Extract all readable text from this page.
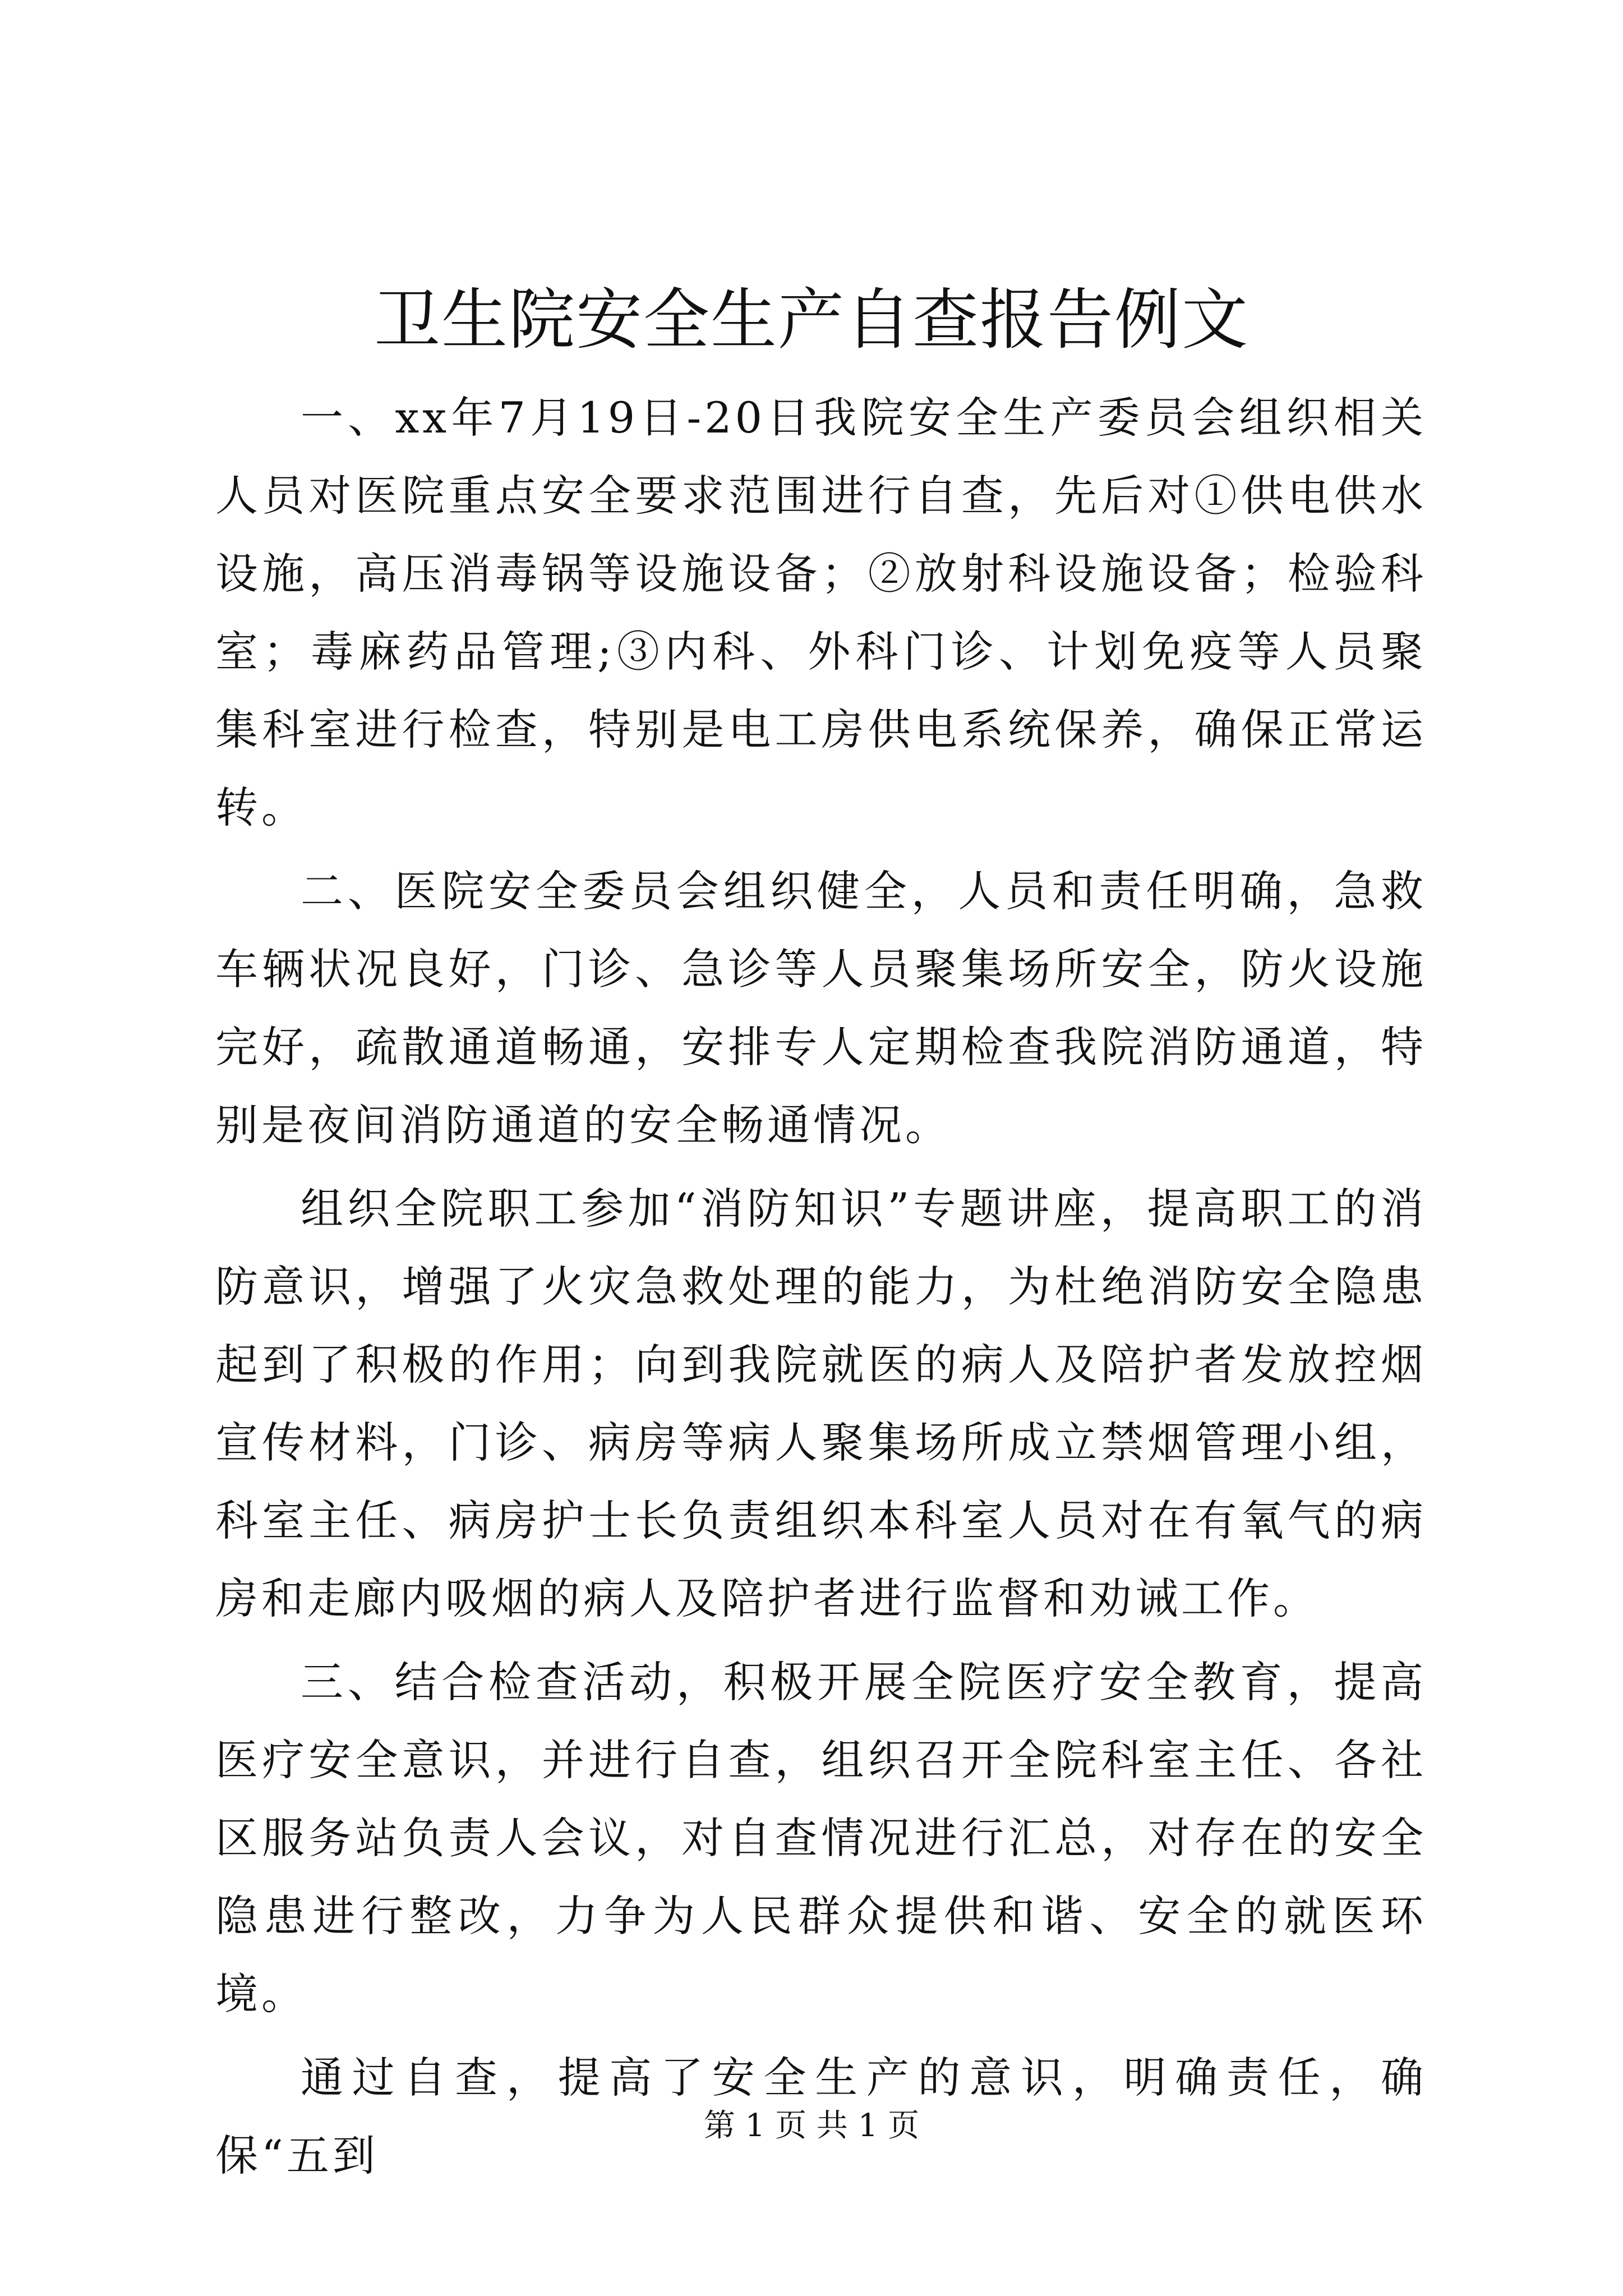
卫生院安全生产自查报告例文

一、xx年7月19日-20日我院安全生产委员会组织相关人员对医院重点安全要求范围进行自查，先后对①供电供水设施，高压消毒锅等设施设备；②放射科设施设备；检验科室；毒麻药品管理;③内科、外科门诊、计划免疫等人员聚集科室进行检查，特别是电工房供电系统保养，确保正常运转。

二、医院安全委员会组织健全，人员和责任明确，急救车辆状况良好，门诊、急诊等人员聚集场所安全，防火设施完好，疏散通道畅通，安排专人定期检查我院消防通道，特别是夜间消防通道的安全畅通情况。

组织全院职工参加“消防知识”专题讲座，提高职工的消防意识，增强了火灾急救处理的能力，为杜绝消防安全隐患起到了积极的作用；向到我院就医的病人及陪护者发放控烟宣传材料，门诊、病房等病人聚集场所成立禁烟管理小组，科室主任、病房护士长负责组织本科室人员对在有氧气的病房和走廊内吸烟的病人及陪护者进行监督和劝诫工作。

三、结合检查活动，积极开展全院医疗安全教育，提高医疗安全意识，并进行自查，组织召开全院科室主任、各社区服务站负责人会议，对自查情况进行汇总，对存在的安全隐患进行整改，力争为人民群众提供和谐、安全的就医环境。

通过自查，提高了安全生产的意识，明确责任，确保“五到

第 1 页 共 1 页
